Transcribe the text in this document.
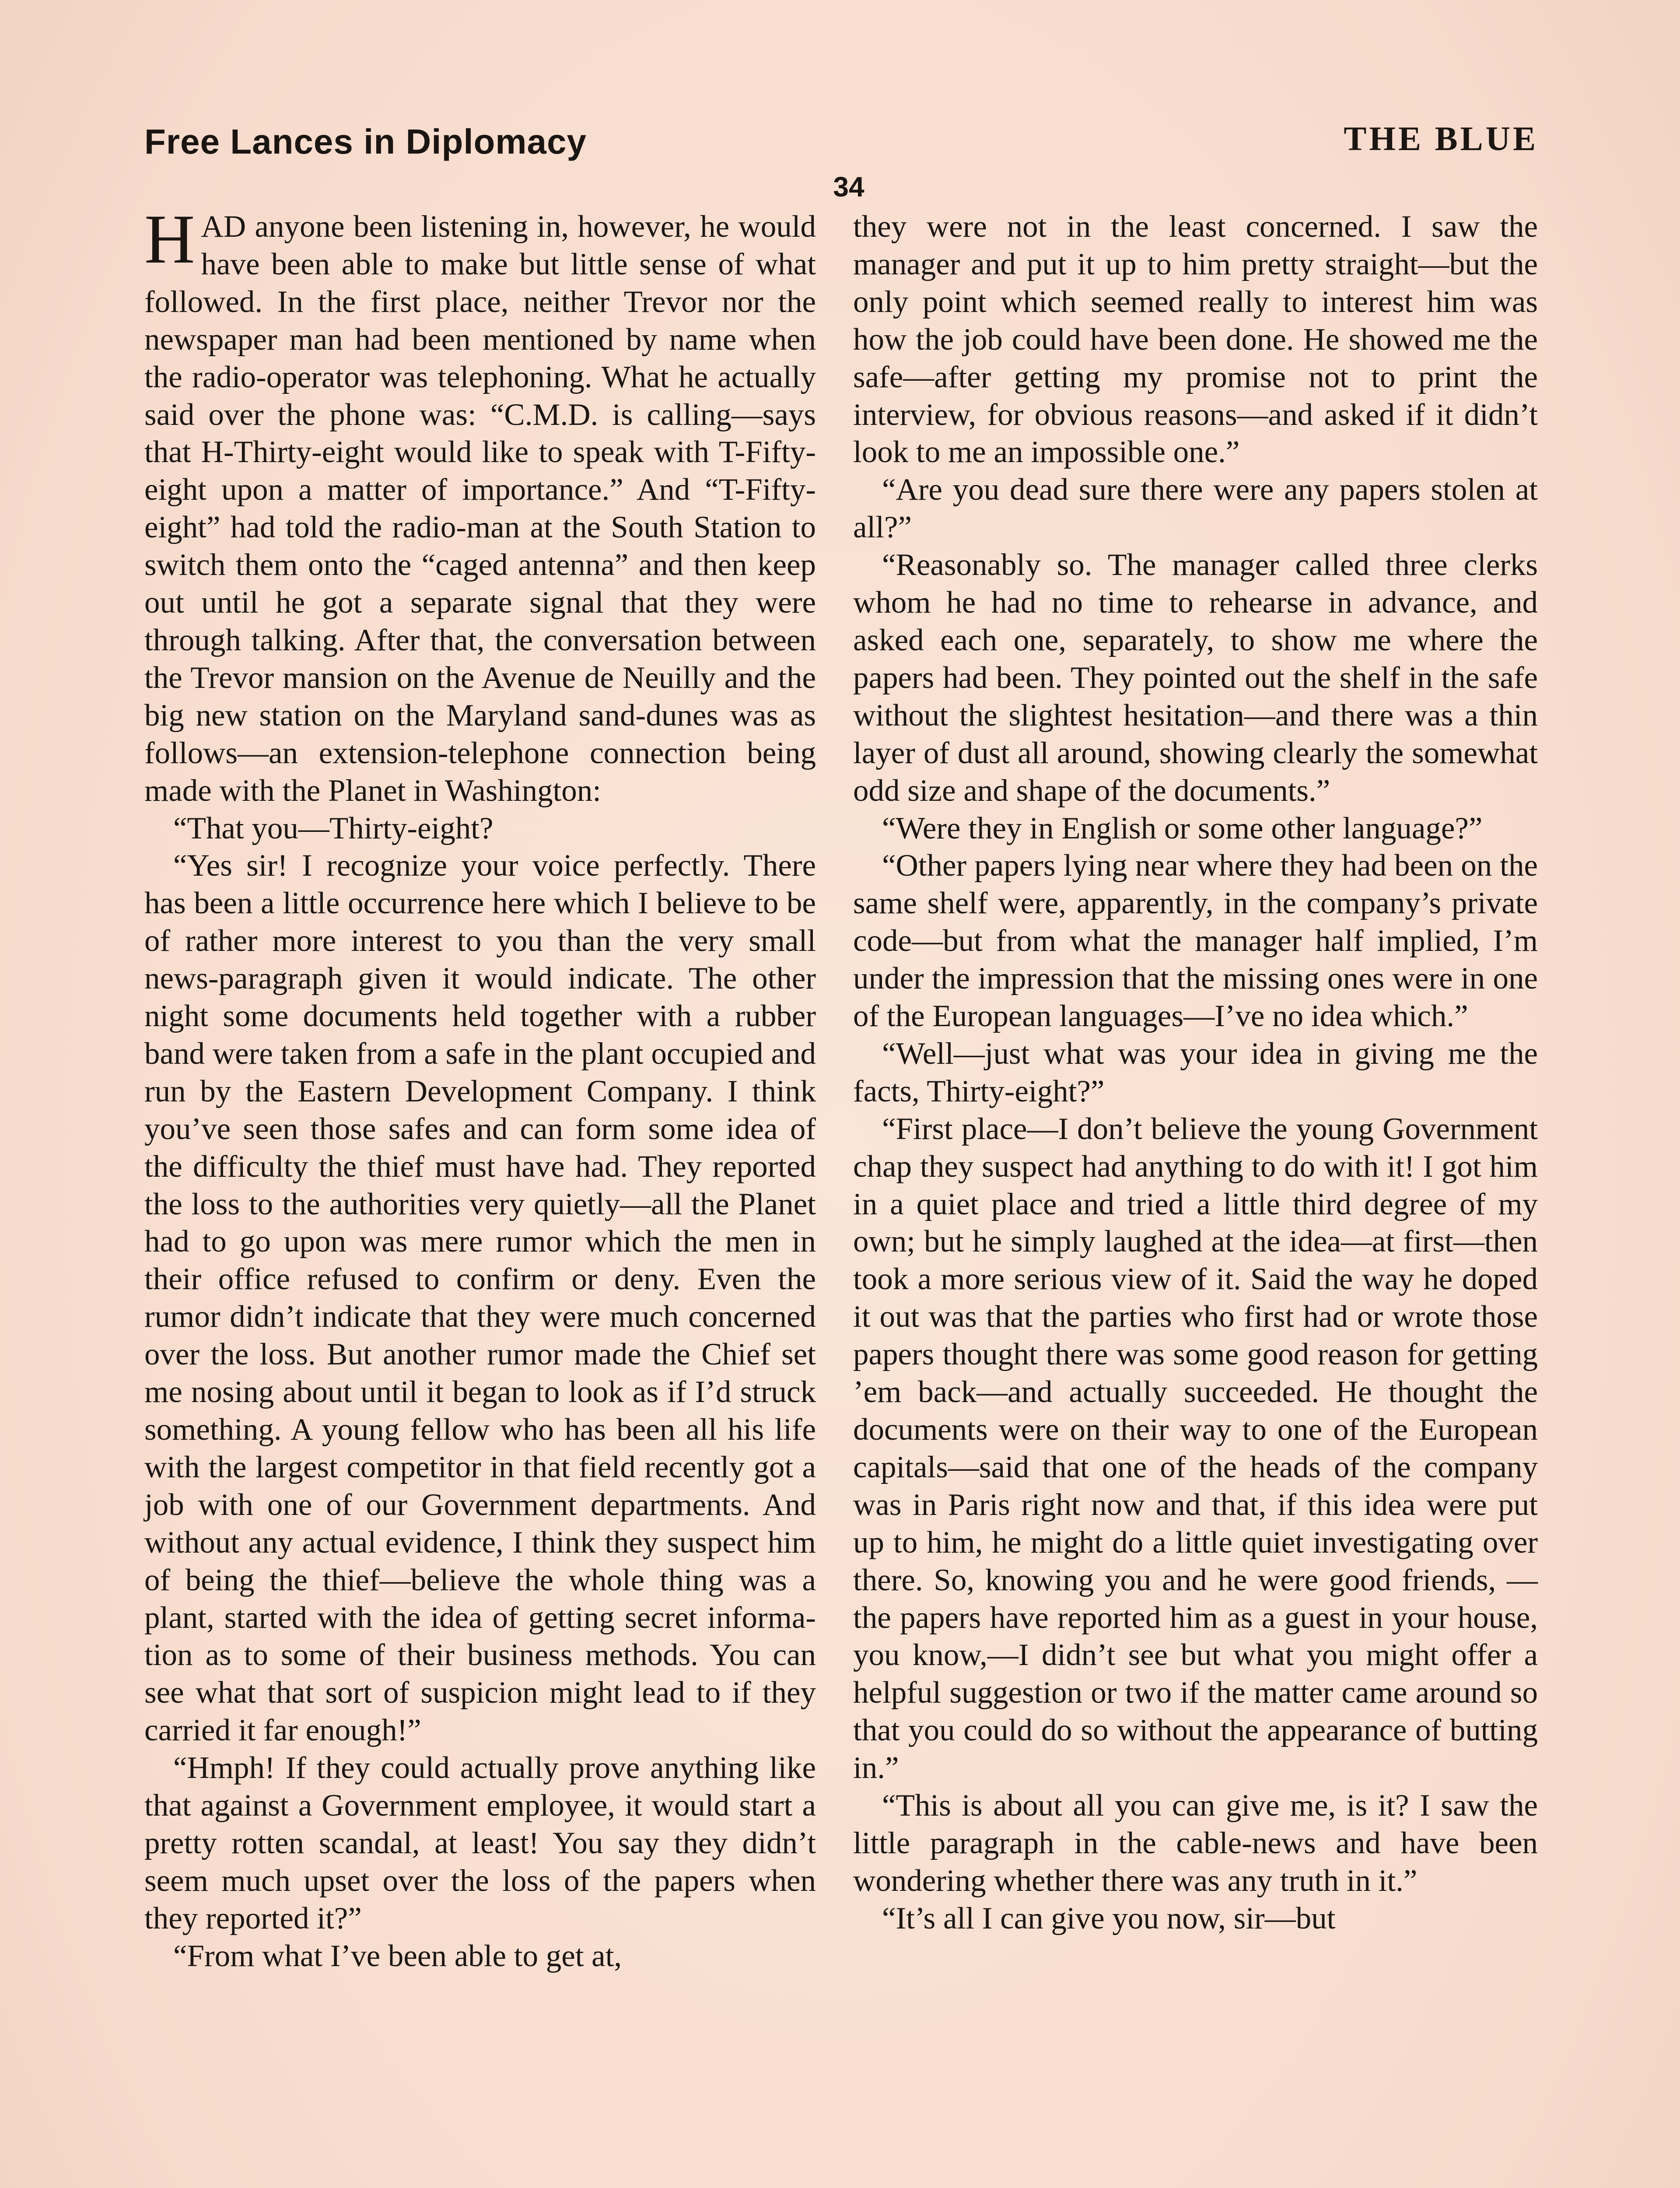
Free Lances in Diplomacy	THE BLUE
34

HAD anyone been listening in, however, he would have been able to make but little sense of what followed. In the first place, neither Trevor nor the newspaper man had been mentioned by name when the radio-operator was telephoning. What he actually said over the phone was: “C.M.D. is calling—says that H-Thirty-eight would like to speak with T-Fifty-eight upon a matter of importance.” And “T-Fifty-eight” had told the radio-man at the South Station to switch them onto the “caged antenna” and then keep out until he got a separate signal that they were through talking. After that, the conversation between the Trevor mansion on the Avenue de Neuilly and the big new station on the Maryland sand-dunes was as follows—an extension-telephone connection being made with the Planet in Washington:

“That you—Thirty-eight?

“Yes sir! I recognize your voice perfectly. There has been a little occurrence here which I believe to be of rather more interest to you than the very small news-paragraph given it would indicate. The other night some documents held together with a rubber band were taken from a safe in the plant occupied and run by the Eastern Development Company. I think you’ve seen those safes and can form some idea of the difficulty the thief must have had. They reported the loss to the authorities very quietly—all the Planet had to go upon was mere rumor which the men in their office refused to confirm or deny. Even the rumor didn’t indicate that they were much concerned over the loss. But another rumor made the Chief set me nosing about until it began to look as if I’d struck something. A young fellow who has been all his life with the largest competitor in that field recently got a job with one of our Government departments. And without any actual evidence, I think they suspect him of being the thief—believe the whole thing was a plant, started with the idea of getting secret information as to some of their business methods. You can see what that sort of suspicion might lead to if they carried it far enough!”

“Hmph! If they could actually prove anything like that against a Government employee, it would start a pretty rotten scandal, at least! You say they didn’t seem much upset over the loss of the papers when they reported it?”

“From what I’ve been able to get at,

they were not in the least concerned. I saw the manager and put it up to him pretty straight—but the only point which seemed really to interest him was how the job could have been done. He showed me the safe—after getting my promise not to print the interview, for obvious reasons—and asked if it didn’t look to me an impossible one.”

“Are you dead sure there were any papers stolen at all?”

“Reasonably so. The manager called three clerks whom he had no time to rehearse in advance, and asked each one, separately, to show me where the papers had been. They pointed out the shelf in the safe without the slightest hesitation—and there was a thin layer of dust all around, showing clearly the somewhat odd size and shape of the documents.”

“Were they in English or some other language?”

“Other papers lying near where they had been on the same shelf were, apparently, in the company’s private code—but from what the manager half implied, I’m under the impression that the missing ones were in one of the European languages—I’ve no idea which.”

“Well—just what was your idea in giving me the facts, Thirty-eight?”

“First place—I don’t believe the young Government chap they suspect had anything to do with it! I got him in a quiet place and tried a little third degree of my own; but he simply laughed at the idea—at first—then took a more serious view of it. Said the way he doped it out was that the parties who first had or wrote those papers thought there was some good reason for getting ’em back—and actually succeeded. He thought the documents were on their way to one of the European capitals—said that one of the heads of the company was in Paris right now and that, if this idea were put up to him, he might do a little quiet investigating over there. So, knowing you and he were good friends, —the papers have reported him as a guest in your house, you know,—I didn’t see but what you might offer a helpful suggestion or two if the matter came around so that you could do so without the appearance of butting in.”

“This is about all you can give me, is it? I saw the little paragraph in the cable-news and have been wondering whether there was any truth in it.”

“It’s all I can give you now, sir—but
